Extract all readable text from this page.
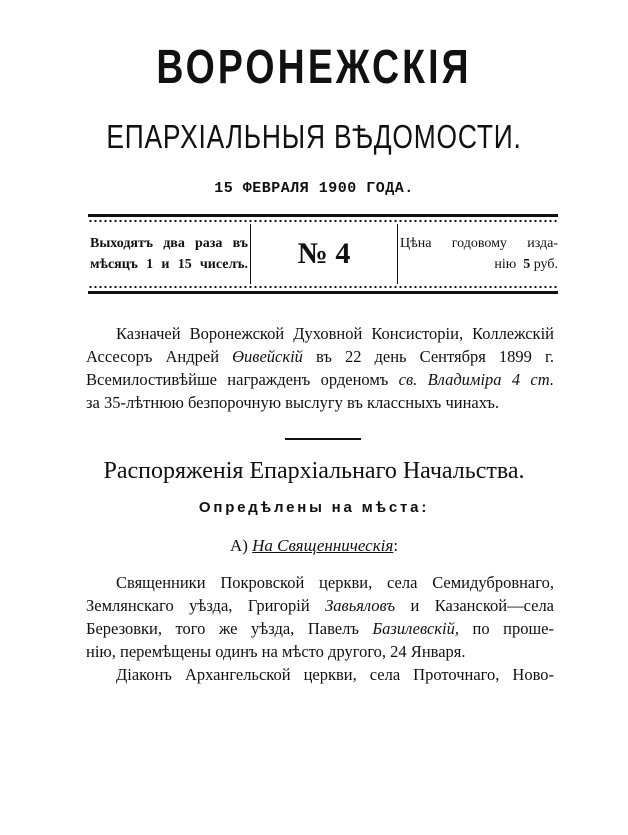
ВОРОНЕЖСКІЯ
ЕПАРХІАЛЬНЫЯ ВѢДОМОСТИ.
15 ФЕВРАЛЯ 1900 ГОДА.
Выходятъ два раза въ
мѣсяцъ 1 и 15 чиселъ.	№ 4	Цѣна годовому изда-
нію 5 руб.
Казначей Воронежской Духовной Консисторіи, Коллежскій
Ассесоръ Андрей Өивейскій въ 22 день Сентября 1899 г.
Всемилостивѣйше награжденъ орденомъ св. Владиміра 4 ст.
за 35-лѣтнюю безпорочную выслугу въ классныхъ чинахъ.
Распоряженія Епархіальнаго Начальства.
Опредѣлены на мѣста:
А) На Священническія:
Священники Покровской церкви, села Семидубровнаго,
Землянскаго уѣзда, Григорій Завьяловъ и Казанской—села
Березовки, того же уѣзда, Павелъ Базилевскій, по проше-
нію, перемѣщены одинъ на мѣсто другого, 24 Января.
Діаконъ Архангельской церкви, села Проточнаго, Ново-
